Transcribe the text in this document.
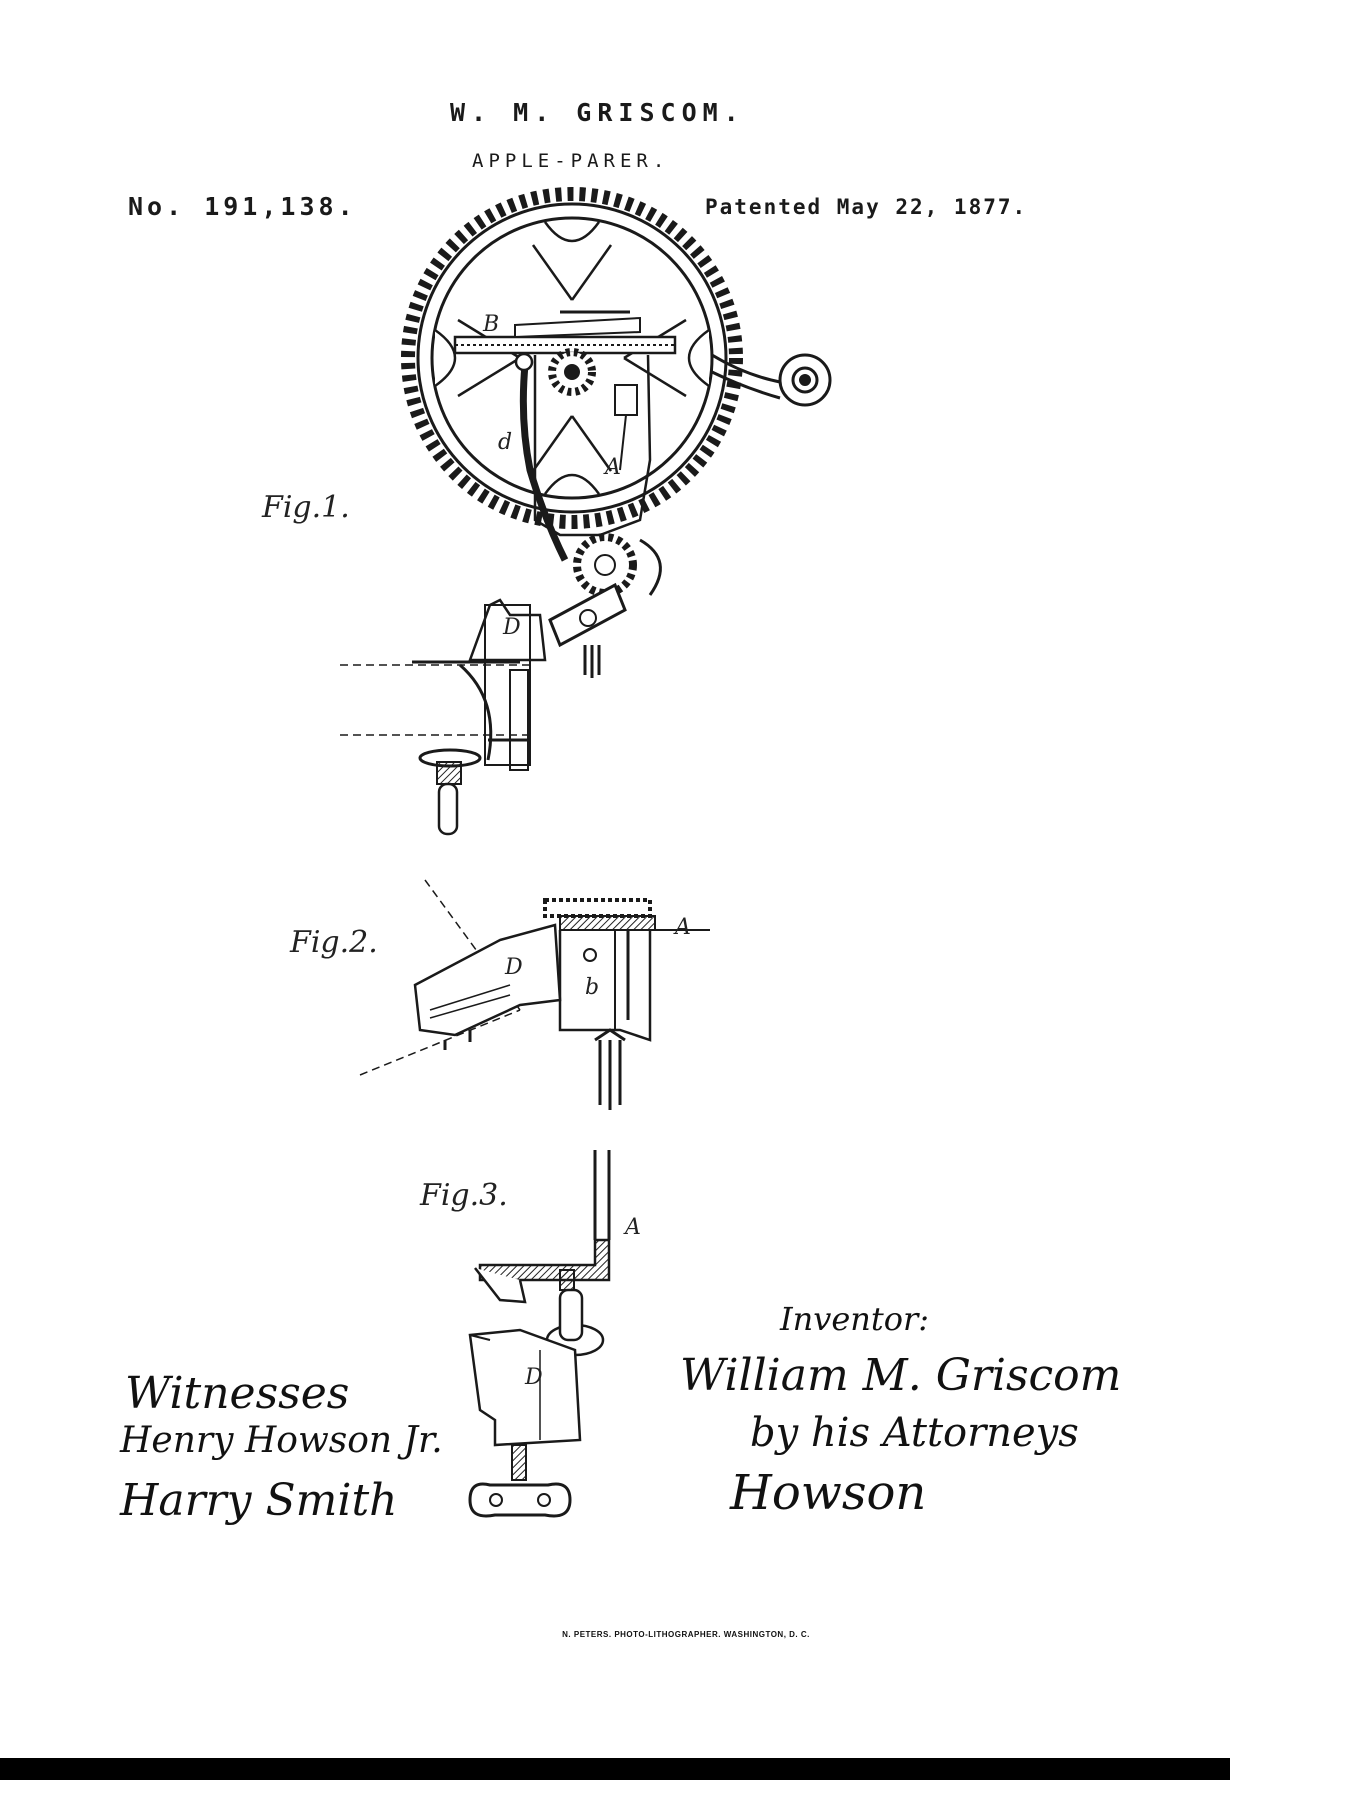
W. M. GRISCOM.
APPLE-PARER.
No. 191,138.	Patented May 22, 1877.
Fig.1.
Fig.2.
Fig.3.
B
d
A
D
D
A
b
A
D
Witnesses
Henry Howson Jr.
Harry Smith
Inventor:
William M. Griscom
by his Attorneys
Howson
N. PETERS. PHOTO-LITHOGRAPHER. WASHINGTON, D. C.
